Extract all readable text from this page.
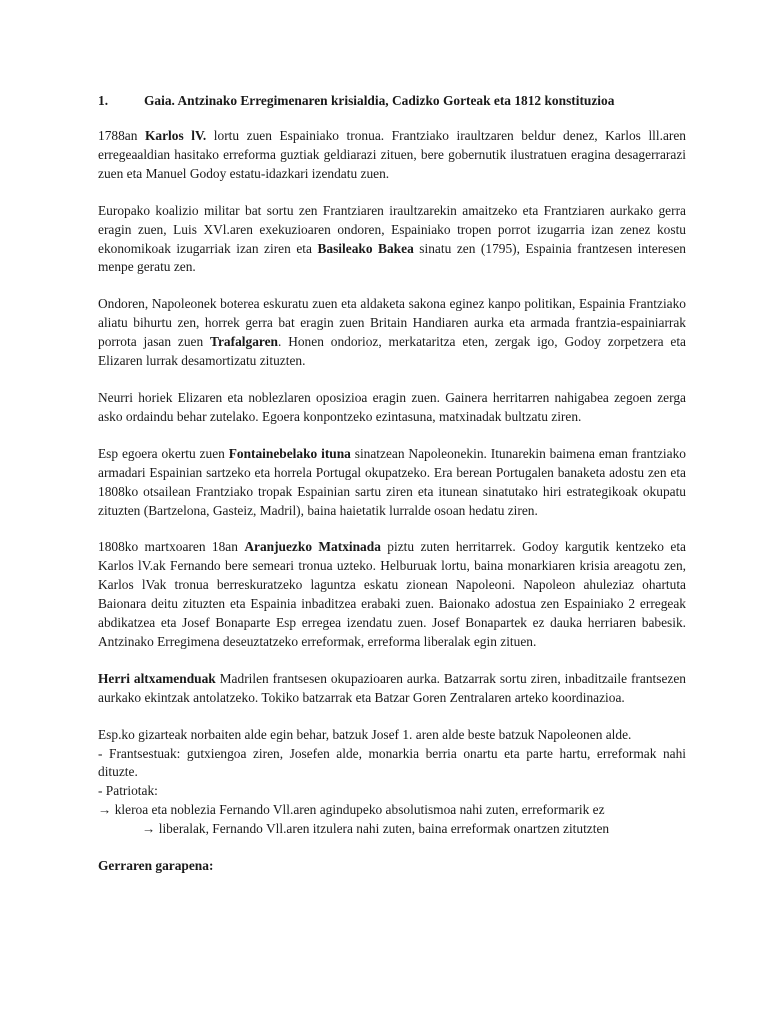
1.	Gaia. Antzinako Erregimenaren krisialdia, Cadizko Gorteak eta 1812 konstituzioa
1788an Karlos lV. lortu zuen Espainiako tronua. Frantziako iraultzaren beldur denez, Karlos lll.aren erregeaaldian hasitako erreforma guztiak geldiarazi zituen, bere gobernutik ilustratuen eragina desagerrarazi zuen eta Manuel Godoy estatu-idazkari izendatu zuen.
Europako koalizio militar bat sortu zen Frantziaren iraultzarekin amaitzeko eta Frantziaren aurkako gerra eragin zuen, Luis XVl.aren exekuzioaren ondoren, Espainiako tropen porrot izugarria izan zenez kostu ekonomikoak izugarriak izan ziren eta Basileako Bakea sinatu zen (1795), Espainia frantzesen interesen menpe geratu zen.
Ondoren, Napoleonek boterea eskuratu zuen eta aldaketa sakona eginez kanpo politikan, Espainia Frantziako aliatu bihurtu zen, horrek gerra bat eragin zuen Britain Handiaren aurka eta armada frantzia-espainiarrak porrota jasan zuen Trafalgaren. Honen ondorioz, merkataritza eten, zergak igo, Godoy zorpetzera eta Elizaren lurrak desamortizatu zituzten.
Neurri horiek Elizaren eta noblezlaren oposizioa eragin zuen. Gainera herritarren nahigabea zegoen zerga asko ordaindu behar zutelako. Egoera konpontzeko ezintasuna, matxinadak bultzatu ziren.
Esp egoera okertu zuen Fontainebelako ituna sinatzean Napoleonekin. Itunarekin baimena eman frantziako armadari Espainian sartzeko eta horrela Portugal okupatzeko. Era berean Portugalen banaketa adostu zen eta 1808ko otsailean Frantziako tropak Espainian sartu ziren eta itunean sinatutako hiri estrategikoak okupatu zituzten (Bartzelona, Gasteiz, Madril), baina haietatik lurralde osoan hedatu ziren.
1808ko martxoaren 18an Aranjuezko Matxinada piztu zuten herritarrek. Godoy kargutik kentzeko eta Karlos lV.ak Fernando bere semeari tronua uzteko. Helburuak lortu, baina monarkiaren krisia areagotu zen, Karlos lVak tronua berreskuratzeko laguntza eskatu zionean Napoleoni. Napoleon ahuleziaz ohartuta Baionara deitu zituzten eta Espainia inbaditzea erabaki zuen. Baionako adostua zen Espainiako 2 erregeak abdikatzea eta Josef Bonaparte Esp erregea izendatu zuen. Josef Bonapartek ez dauka herriaren babesik. Antzinako Erregimena deseuztatzeko erreformak, erreforma liberalak egin zituen.
Herri altxamenduak Madrilen frantsesen okupazioaren aurka. Batzarrak sortu ziren, inbaditzaile frantsezen aurkako ekintzak antolatzeko. Tokiko batzarrak eta Batzar Goren Zentralaren arteko koordinazioa.
Esp.ko gizarteak norbaiten alde egin behar, batzuk Josef 1. aren alde beste batzuk Napoleonen alde.
- Frantsestuak: gutxiengoa ziren, Josefen alde, monarkia berria onartu eta parte hartu, erreformak nahi dituzte.
- Patriotak:
→ kleroa eta noblezia Fernando Vll.aren agindupeko absolutismoa nahi zuten, erreformarik ez
→ liberalak, Fernando Vll.aren itzulera nahi zuten, baina erreformak onartzen zitutzten
Gerraren garapena:
